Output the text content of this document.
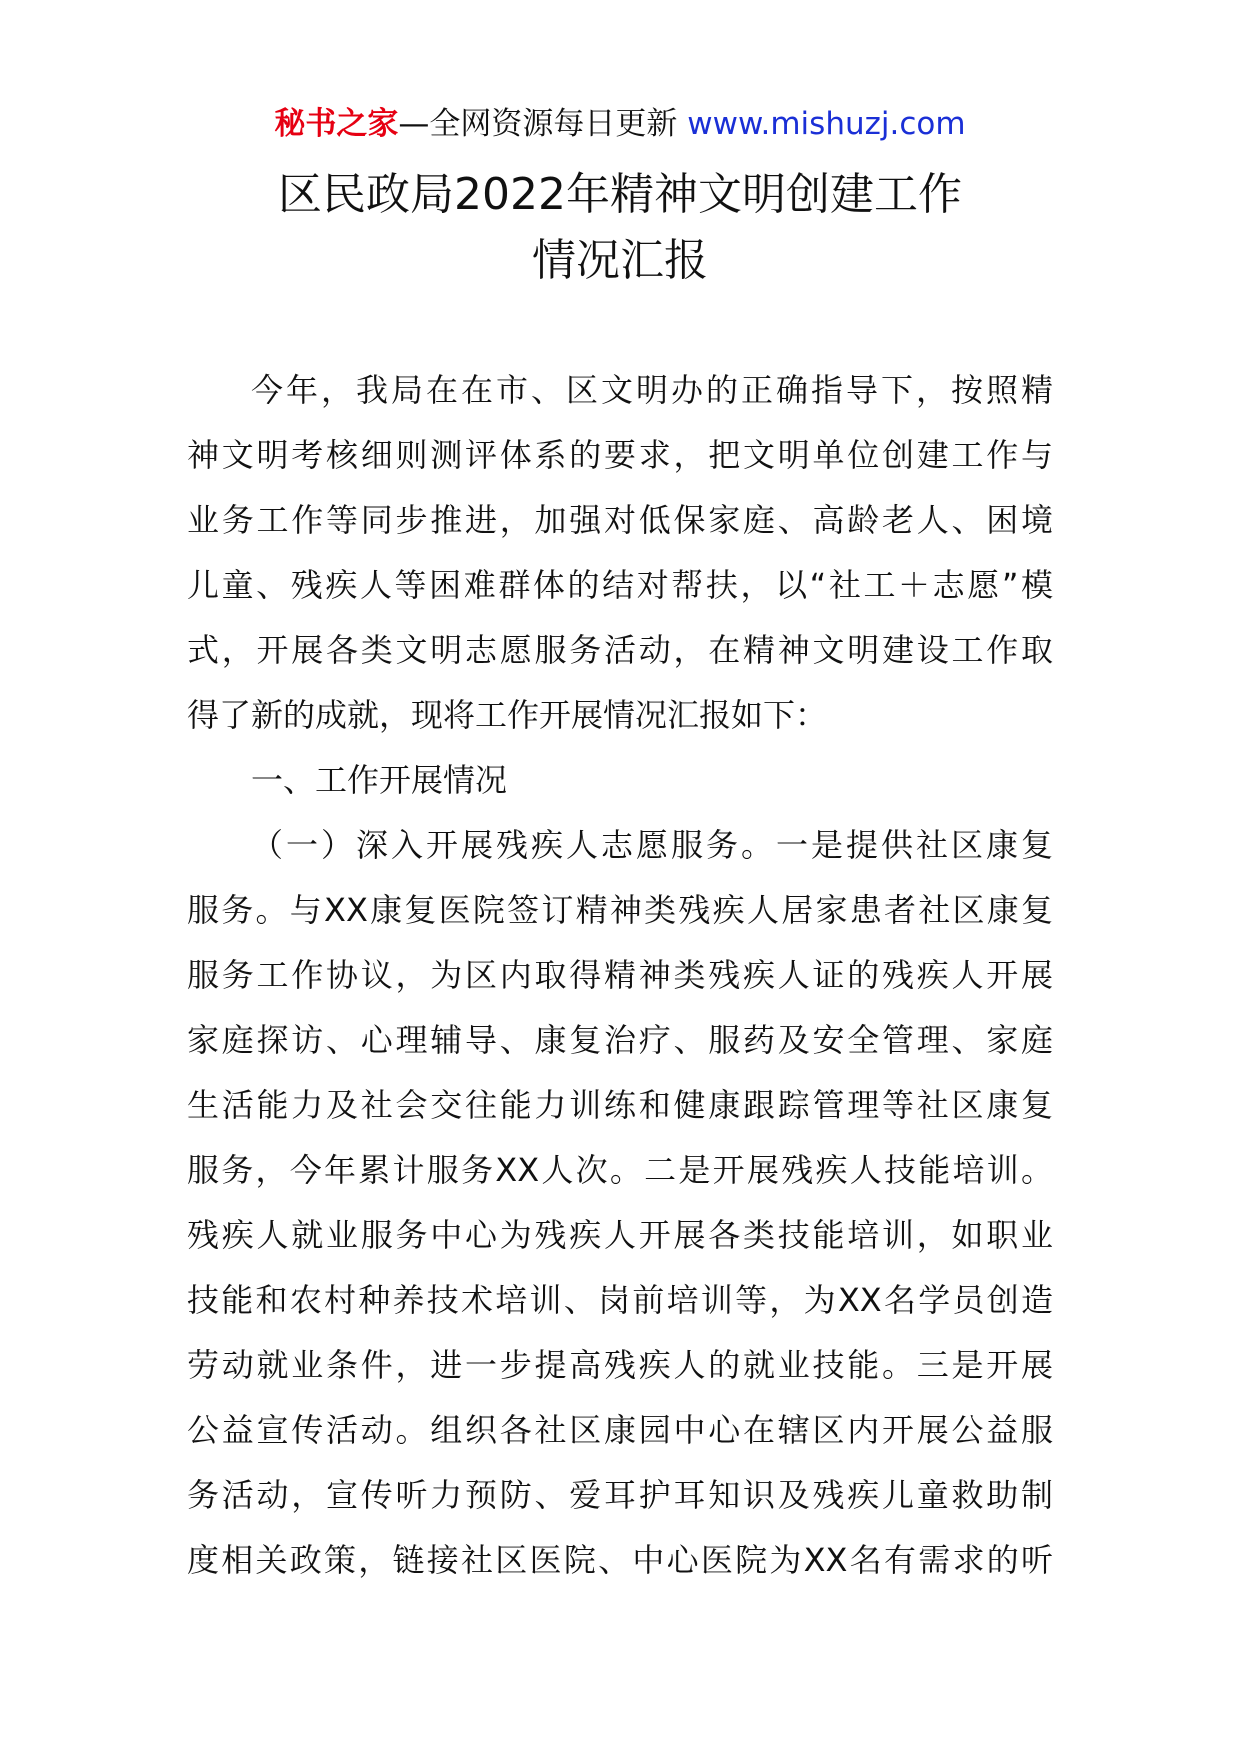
秘书之家—全网资源每日更新 www.mishuzj.com
区民政局2022年精神文明创建工作
情况汇报
今年，我局在在市、区文明办的正确指导下，按照精
神文明考核细则测评体系的要求，把文明单位创建工作与
业务工作等同步推进，加强对低保家庭、高龄老人、困境
儿童、残疾人等困难群体的结对帮扶，以“社工＋志愿”模
式，开展各类文明志愿服务活动，在精神文明建设工作取
得了新的成就，现将工作开展情况汇报如下：
一、工作开展情况
（一）深入开展残疾人志愿服务。一是提供社区康复
服务。与XX康复医院签订精神类残疾人居家患者社区康复
服务工作协议，为区内取得精神类残疾人证的残疾人开展
家庭探访、心理辅导、康复治疗、服药及安全管理、家庭
生活能力及社会交往能力训练和健康跟踪管理等社区康复
服务，今年累计服务XX人次。二是开展残疾人技能培训。
残疾人就业服务中心为残疾人开展各类技能培训，如职业
技能和农村种养技术培训、岗前培训等，为XX名学员创造
劳动就业条件，进一步提高残疾人的就业技能。三是开展
公益宣传活动。组织各社区康园中心在辖区内开展公益服
务活动，宣传听力预防、爱耳护耳知识及残疾儿童救助制
度相关政策，链接社区医院、中心医院为XX名有需求的听
